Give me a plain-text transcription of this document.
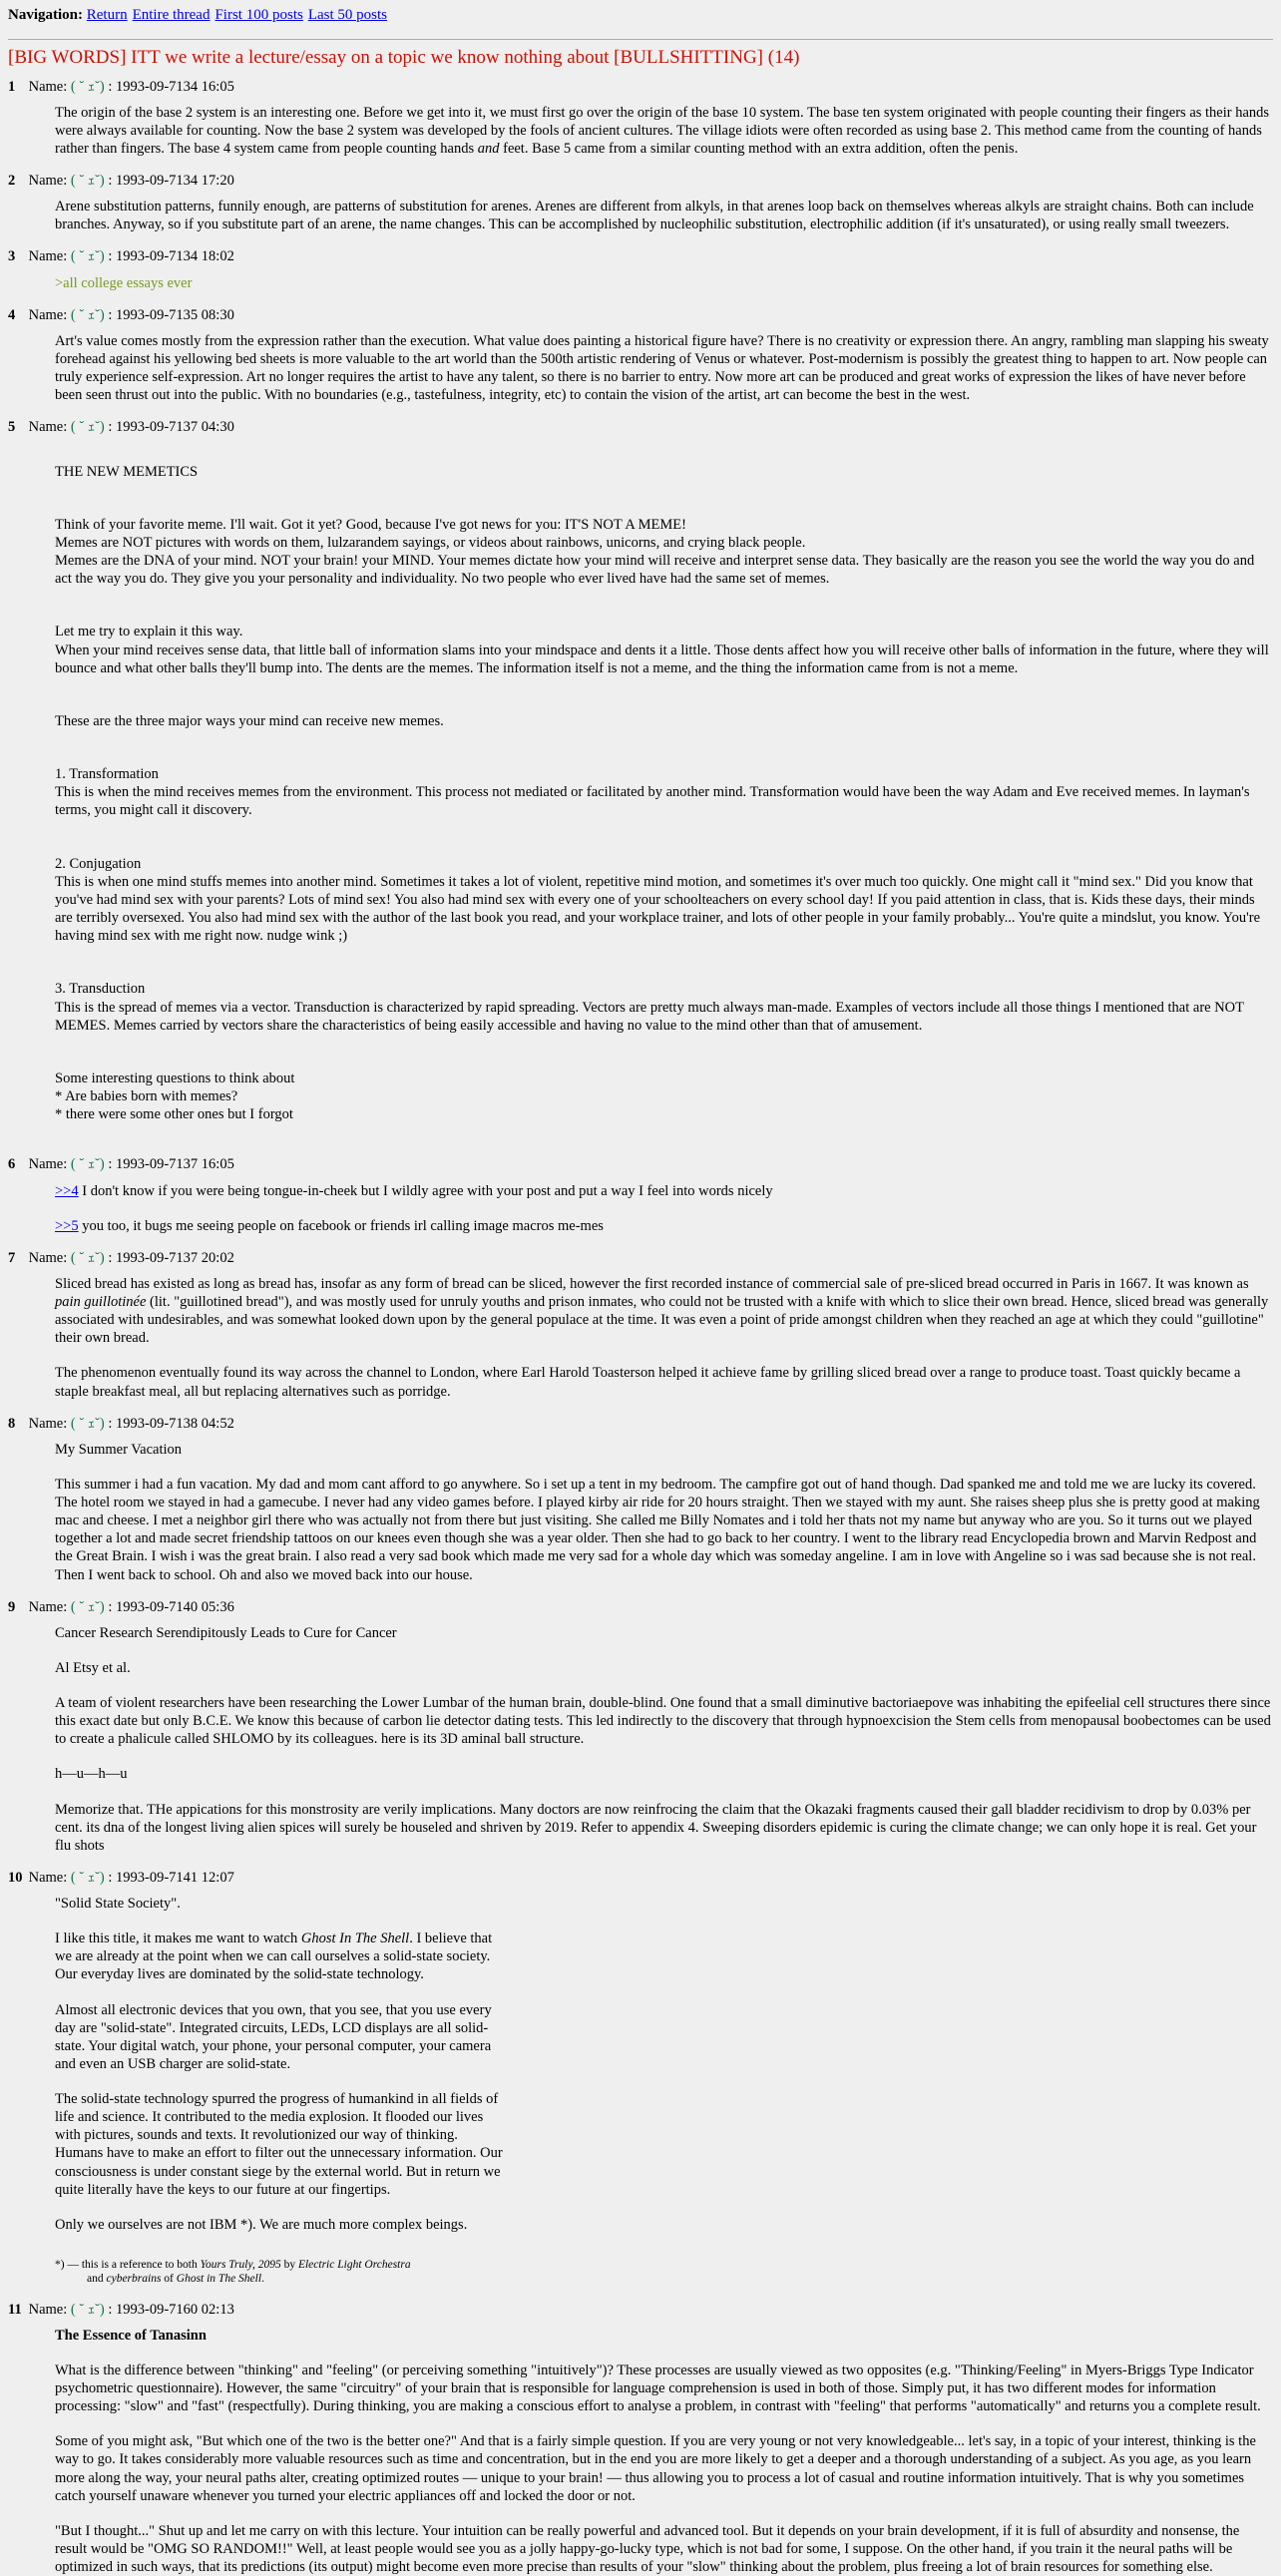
Navigation: Return Entire thread First 100 posts Last 50 posts
[BIG WORDS] ITT we write a lecture/essay on a topic we know nothing about [BULLSHITTING] (14)
1 Name: ( ˘ ｪ˘) : 1993-09-7134 16:05

The origin of the base 2 system is an interesting one. Before we get into it, we must first go over the origin of the base 10 system. The base ten system originated with people counting their fingers as their hands were always available for counting. Now the base 2 system was developed by the fools of ancient cultures. The village idiots were often recorded as using base 2. This method came from the counting of hands rather than fingers. The base 4 system came from people counting hands and feet. Base 5 came from a similar counting method with an extra addition, often the penis.

2 Name: ( ˘ ｪ˘) : 1993-09-7134 17:20

Arene substitution patterns, funnily enough, are patterns of substitution for arenes. Arenes are different from alkyls, in that arenes loop back on themselves whereas alkyls are straight chains. Both can include branches. Anyway, so if you substitute part of an arene, the name changes. This can be accomplished by nucleophilic substitution, electrophilic addition (if it's unsaturated), or using really small tweezers.

3 Name: ( ˘ ｪ˘) : 1993-09-7134 18:02

>all college essays ever

4 Name: ( ˘ ｪ˘) : 1993-09-7135 08:30

Art's value comes mostly from the expression rather than the execution. What value does painting a historical figure have? There is no creativity or expression there. An angry, rambling man slapping his sweaty forehead against his yellowing bed sheets is more valuable to the art world than the 500th artistic rendering of Venus or whatever. Post-modernism is possibly the greatest thing to happen to art. Now people can truly experience self-expression. Art no longer requires the artist to have any talent, so there is no barrier to entry. Now more art can be produced and great works of expression the likes of have never before been seen thrust out into the public. With no boundaries (e.g., tastefulness, integrity, etc) to contain the vision of the artist, art can become the best in the west.

5 Name: ( ˘ ｪ˘) : 1993-09-7137 04:30

THE NEW MEMETICS

Think of your favorite meme. I'll wait. Got it yet? Good, because I've got news for you: IT'S NOT A MEME!
Memes are NOT pictures with words on them, lulzarandem sayings, or videos about rainbows, unicorns, and crying black people.
Memes are the DNA of your mind. NOT your brain! your MIND. Your memes dictate how your mind will receive and interpret sense data. They basically are the reason you see the world the way you do and act the way you do. They give you your personality and individuality. No two people who ever lived have had the same set of memes.

Let me try to explain it this way.
When your mind receives sense data, that little ball of information slams into your mindspace and dents it a little. Those dents affect how you will receive other balls of information in the future, where they will bounce and what other balls they'll bump into. The dents are the memes. The information itself is not a meme, and the thing the information came from is not a meme.

These are the three major ways your mind can receive new memes.

1. Transformation
This is when the mind receives memes from the environment. This process not mediated or facilitated by another mind. Transformation would have been the way Adam and Eve received memes. In layman's terms, you might call it discovery.

2. Conjugation
This is when one mind stuffs memes into another mind. Sometimes it takes a lot of violent, repetitive mind motion, and sometimes it's over much too quickly. One might call it "mind sex." Did you know that you've had mind sex with your parents? Lots of mind sex! You also had mind sex with every one of your schoolteachers on every school day! If you paid attention in class, that is. Kids these days, their minds are terribly oversexed. You also had mind sex with the author of the last book you read, and your workplace trainer, and lots of other people in your family probably... You're quite a mindslut, you know. You're having mind sex with me right now. nudge wink ;)

3. Transduction
This is the spread of memes via a vector. Transduction is characterized by rapid spreading. Vectors are pretty much always man-made. Examples of vectors include all those things I mentioned that are NOT MEMES. Memes carried by vectors share the characteristics of being easily accessible and having no value to the mind other than that of amusement.

Some interesting questions to think about
* Are babies born with memes?
* there were some other ones but I forgot

6 Name: ( ˘ ｪ˘) : 1993-09-7137 16:05

>>4 I don't know if you were being tongue-in-cheek but I wildly agree with your post and put a way I feel into words nicely

>>5 you too, it bugs me seeing people on facebook or friends irl calling image macros me-mes

7 Name: ( ˘ ｪ˘) : 1993-09-7137 20:02

Sliced bread has existed as long as bread has, insofar as any form of bread can be sliced, however the first recorded instance of commercial sale of pre-sliced bread occurred in Paris in 1667. It was known as pain guillotinée (lit. "guillotined bread"), and was mostly used for unruly youths and prison inmates, who could not be trusted with a knife with which to slice their own bread. Hence, sliced bread was generally associated with undesirables, and was somewhat looked down upon by the general populace at the time. It was even a point of pride amongst children when they reached an age at which they could "guillotine" their own bread.

The phenomenon eventually found its way across the channel to London, where Earl Harold Toasterson helped it achieve fame by grilling sliced bread over a range to produce toast. Toast quickly became a staple breakfast meal, all but replacing alternatives such as porridge.

8 Name: ( ˘ ｪ˘) : 1993-09-7138 04:52

My Summer Vacation

This summer i had a fun vacation. My dad and mom cant afford to go anywhere. So i set up a tent in my bedroom. The campfire got out of hand though. Dad spanked me and told me we are lucky its covered. The hotel room we stayed in had a gamecube. I never had any video games before. I played kirby air ride for 20 hours straight. Then we stayed with my aunt. She raises sheep plus she is pretty good at making mac and cheese. I met a neighbor girl there who was actually not from there but just visiting. She called me Billy Nomates and i told her thats not my name but anyway who are you. So it turns out we played together a lot and made secret friendship tattoos on our knees even though she was a year older. Then she had to go back to her country. I went to the library read Encyclopedia brown and Marvin Redpost and the Great Brain. I wish i was the great brain. I also read a very sad book which made me very sad for a whole day which was someday angeline. I am in love with Angeline so i was sad because she is not real. Then I went back to school. Oh and also we moved back into our house.

9 Name: ( ˘ ｪ˘) : 1993-09-7140 05:36

Cancer Research Serendipitously Leads to Cure for Cancer

Al Etsy et al.

A team of violent researchers have been researching the Lower Lumbar of the human brain, double-blind. One found that a small diminutive bactoriaepove was inhabiting the epifeelial cell structures there since this exact date but only B.C.E. We know this because of carbon lie detector dating tests. This led indirectly to the discovery that through hypnoexcision the Stem cells from menopausal boobectomes can be used to create a phalicule called SHLOMO by its colleagues. here is its 3D aminal ball structure.

h—u—h—u

Memorize that. THe appications for this monstrosity are verily implications. Many doctors are now reinfrocing the claim that the Okazaki fragments caused their gall bladder recidivism to drop by 0.03% per cent. its dna of the longest living alien spices will surely be houseled and shriven by 2019. Refer to appendix 4. Sweeping disorders epidemic is curing the climate change; we can only hope it is real. Get your flu shots

10 Name: ( ˘ ｪ˘) : 1993-09-7141 12:07

"Solid State Society".

I like this title, it makes me want to watch Ghost In The Shell. I believe that we are already at the point when we can call ourselves a solid-state society. Our everyday lives are dominated by the solid-state technology.

Almost all electronic devices that you own, that you see, that you use every day are "solid-state". Integrated circuits, LEDs, LCD displays are all solid-state. Your digital watch, your phone, your personal computer, your camera and even an USB charger are solid-state.

The solid-state technology spurred the progress of humankind in all fields of life and science. It contributed to the media explosion. It flooded our lives with pictures, sounds and texts. It revolutionized our way of thinking. Humans have to make an effort to filter out the unnecessary information. Our consciousness is under constant siege by the external world. But in return we quite literally have the keys to our future at our fingertips.

Only we ourselves are not IBM *). We are much more complex beings.

*) — this is a reference to both Yours Truly, 2095 by Electric Light Orchestra
and cyberbrains of Ghost in The Shell.
11 Name: ( ˘ ｪ˘) : 1993-09-7160 02:13

The Essence of Tanasinn

What is the difference between "thinking" and "feeling" (or perceiving something "intuitively")? These processes are usually viewed as two opposites (e.g. "Thinking/Feeling" in Myers-Briggs Type Indicator psychometric questionnaire). However, the same "circuitry" of your brain that is responsible for language comprehension is used in both of those. Simply put, it has two different modes for information processing: "slow" and "fast" (respectfully). During thinking, you are making a conscious effort to analyse a problem, in contrast with "feeling" that performs "automatically" and returns you a complete result.

Some of you might ask, "But which one of the two is the better one?" And that is a fairly simple question. If you are very young or not very knowledgeable... let's say, in a topic of your interest, thinking is the way to go. It takes considerably more valuable resources such as time and concentration, but in the end you are more likely to get a deeper and a thorough understanding of a subject. As you age, as you learn more along the way, your neural paths alter, creating optimized routes — unique to your brain! — thus allowing you to process a lot of casual and routine information intuitively. That is why you sometimes catch yourself unaware whenever you turned your electric appliances off and locked the door or not.

"But I thought..." Shut up and let me carry on with this lecture. Your intuition can be really powerful and advanced tool. But it depends on your brain development, if it is full of absurdity and nonsense, the result would be "OMG SO RANDOM!!" Well, at least people would see you as a jolly happy-go-lucky type, which is not bad for some, I suppose. On the other hand, if you train it the neural paths will be optimized in such ways, that its predictions (its output) might become even more precise than results of your "slow" thinking about the problem, plus freeing a lot of brain resources for something else.
